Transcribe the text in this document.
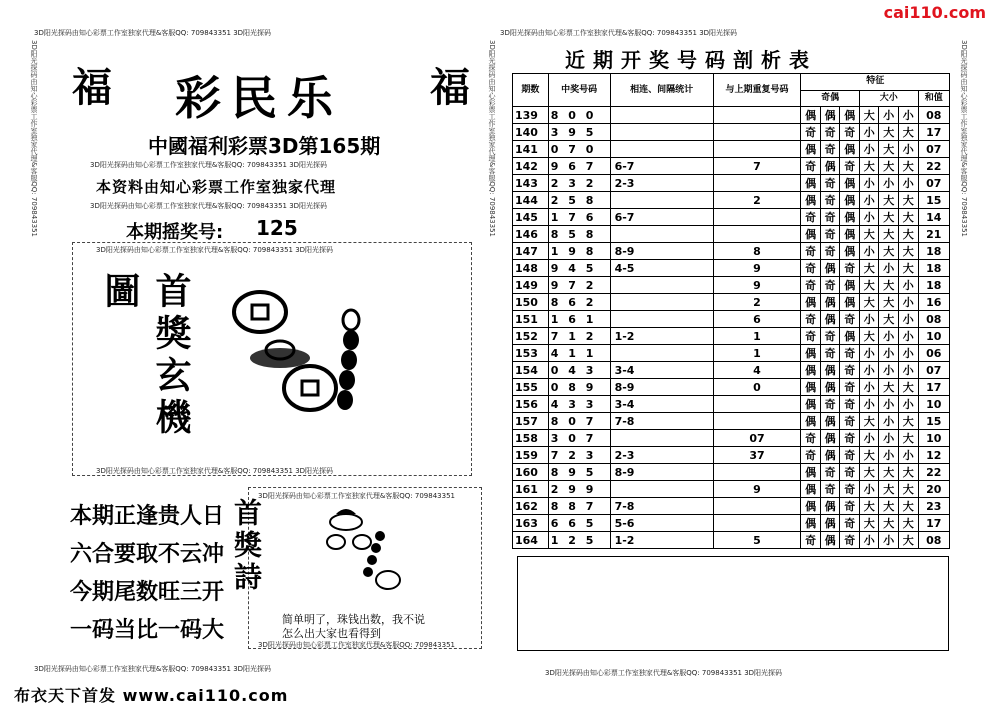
cai110.com
3D阳光探码由知心彩票工作室独家代理&客服QQ: 709843351 3D阳光探码	3D阳光探码由知心彩票工作室独家代理&客服QQ: 709843351 3D阳光探码
3D阳光探码由知心彩票工作室独家代理&客服QQ: 709843351	3D阳光探码由知心彩票工作室独家代理&客服QQ: 709843351	3D阳光探码由知心彩票工作室独家代理&客服QQ: 709843351
福	福
彩民乐
中國福利彩票3D第165期
3D阳光探码由知心彩票工作室独家代理&客服QQ: 709843351 3D阳光探码
本资料由知心彩票工作室独家代理
3D阳光探码由知心彩票工作室独家代理&客服QQ: 709843351 3D阳光探码
本期摇奖号: 125
3D阳光探码由知心彩票工作室独家代理&客服QQ: 709843351 3D阳光探码
3D阳光探码由知心彩票工作室独家代理&客服QQ: 709843351 3D阳光探码
首獎玄機圖
本期正逢贵人日
六合要取不云冲
今期尾数旺三开
一码当比一码大
3D阳光探码由知心彩票工作室独家代理&客服QQ: 709843351
3D阳光探码由知心彩票工作室独家代理&客服QQ: 709843351
首獎詩
简单明了，珠钱出数，我不说
怎么出大家也看得到
3D阳光探码由知心彩票工作室独家代理&客服QQ: 709843351 3D阳光探码	3D阳光探码由知心彩票工作室独家代理&客服QQ: 709843351 3D阳光探码
布衣天下首发 www.cai110.com
近期开奖号码剖析表
期数	中奖号码	相连、间隔统计	与上期重复号码	特征						
				奇偶			大小			和值
139	8 0 0			偶	偶	偶	大	小	小	08
140	3 9 5			奇	奇	奇	小	大	大	17
141	0 7 0			偶	奇	偶	小	大	小	07
142	9 6 7	6-7	7	奇	偶	奇	大	大	大	22
143	2 3 2	2-3		偶	奇	偶	小	小	小	07
144	2 5 8		2	偶	奇	偶	小	大	大	15
145	1 7 6	6-7		奇	奇	偶	小	大	大	14
146	8 5 8			偶	奇	偶	大	大	大	21
147	1 9 8	8-9	8	奇	奇	偶	小	大	大	18
148	9 4 5	4-5	9	奇	偶	奇	大	小	大	18
149	9 7 2		9	奇	奇	偶	大	大	小	18
150	8 6 2		2	偶	偶	偶	大	大	小	16
151	1 6 1		6	奇	偶	奇	小	大	小	08
152	7 1 2	1-2	1	奇	奇	偶	大	小	小	10
153	4 1 1		1	偶	奇	奇	小	小	小	06
154	0 4 3	3-4	4	偶	偶	奇	小	小	小	07
155	0 8 9	8-9	0	偶	偶	奇	小	大	大	17
156	4 3 3	3-4		偶	奇	奇	小	小	小	10
157	8 0 7	7-8		偶	偶	奇	大	小	大	15
158	3 0 7		07	奇	偶	奇	小	小	大	10
159	7 2 3	2-3	37	奇	偶	奇	大	小	小	12
160	8 9 5	8-9		偶	奇	奇	大	大	大	22
161	2 9 9		9	偶	奇	奇	小	大	大	20
162	8 8 7	7-8		偶	偶	奇	大	大	大	23
163	6 6 5	5-6		偶	偶	奇	大	大	大	17
164	1 2 5	1-2	5	奇	偶	奇	小	小	大	08
